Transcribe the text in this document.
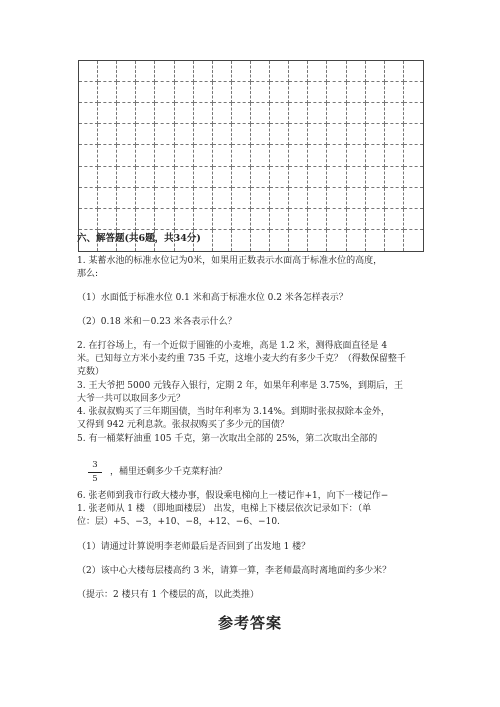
六、解答题(共6题，共34分)
1. 某蓄水池的标准水位记为0米，如果用正数表示水面高于标准水位的高度，
那么:
（1）水面低于标准水位 0.1 米和高于标准水位 0.2 米各怎样表示？
（2）0.18 米和－0.23 米各表示什么？
2. 在打谷场上，有一个近似于圆锥的小麦堆，高是 1.2 米，测得底面直径是 4
米。已知每立方米小麦约重 735 千克，这堆小麦大约有多少千克？（得数保留整千
克数）
3. 王大爷把 5000 元钱存入银行，定期 2 年，如果年利率是 3.75%，到期后，王
大爷一共可以取回多少元？
4. 张叔叔购买了三年期国债，当时年利率为 3.14%。到期时张叔叔除本金外，
又得到 942 元利息款。张叔叔购买了多少元的国债？
5. 有一桶菜籽油重 105 千克，第一次取出全部的 25%，第二次取出全部的
3
5
，桶里还剩多少千克菜籽油？
6. 张老师到我市行政大楼办事，假设乘电梯向上一楼记作+1，向下一楼记作−
1. 张老师从 1 楼 （即地面楼层） 出发，电梯上下楼层依次记录如下：（单
位：层）+5、−3，+10、−8，+12、−6、−10.
（1）请通过计算说明李老师最后是否回到了出发地 1 楼？
（2）该中心大楼每层楼高约 3 米，请算一算，李老师最高时离地面约多少米？
（提示：2 楼只有 1 个楼层的高，以此类推）
参考答案
